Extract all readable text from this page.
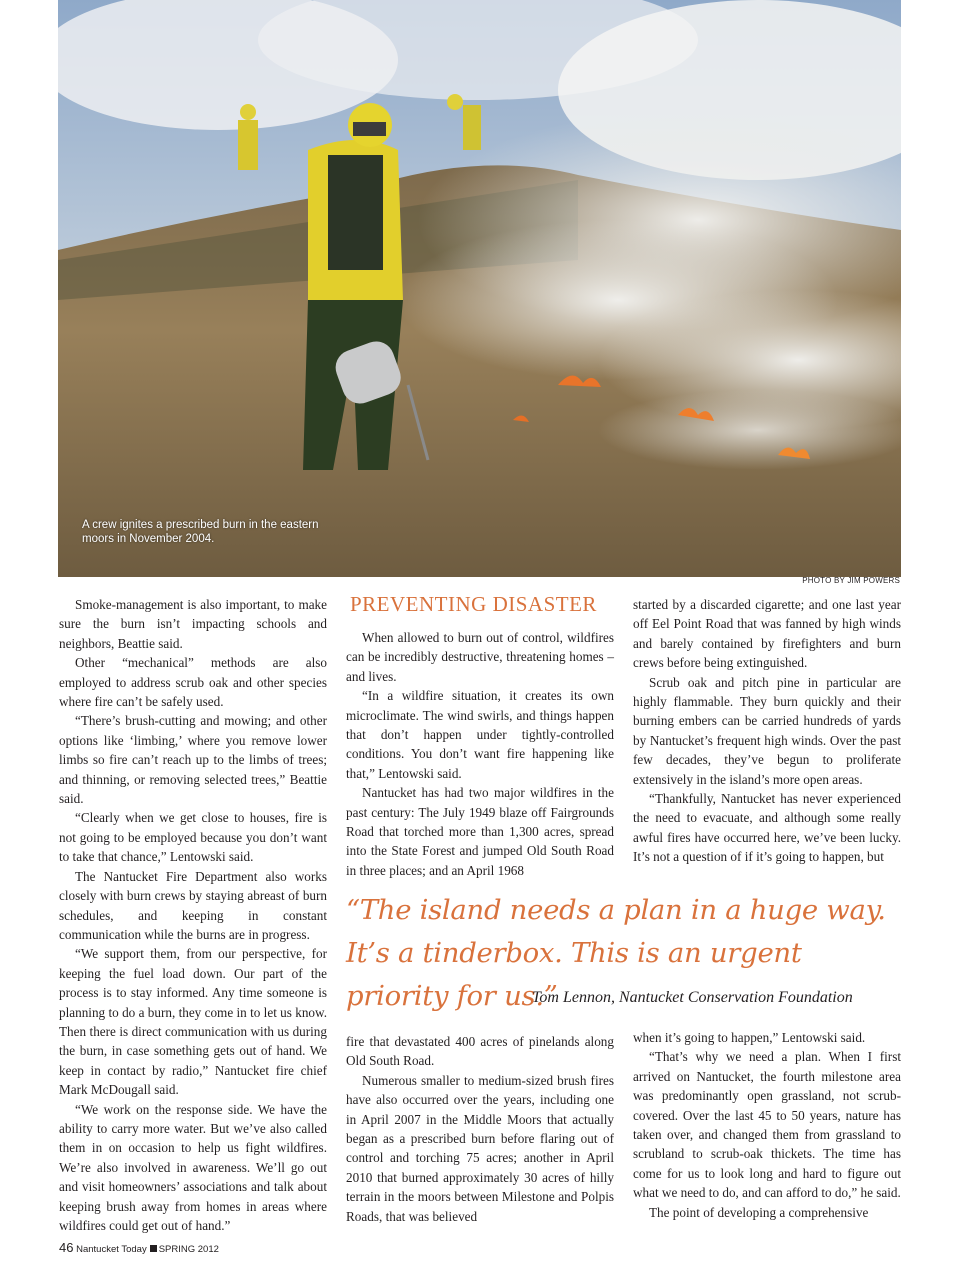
A crew ignites a prescribed burn in the eastern moors in November 2004.
PHOTO BY JIM POWERS

Smoke-management is also important, to make sure the burn isn’t impacting schools and neighbors, Beattie said.

Other “mechanical” methods are also employed to address scrub oak and other species where fire can’t be safely used.

“There’s brush-cutting and mowing; and other options like ‘limbing,’ where you remove lower limbs so fire can’t reach up to the limbs of trees; and thinning, or removing selected trees,” Beattie said.

“Clearly when we get close to houses, fire is not going to be employed because you don’t want to take that chance,” Lentowski said.

The Nantucket Fire Department also works closely with burn crews by staying abreast of burn schedules, and keeping in constant communication while the burns are in progress.

“We support them, from our perspective, for keeping the fuel load down. Our part of the process is to stay informed. Any time someone is planning to do a burn, they come in to let us know. Then there is direct communication with us during the burn, in case something gets out of hand. We keep in contact by radio,” Nantucket fire chief Mark McDougall said.

“We work on the response side. We have the ability to carry more water. But we’ve also called them in on occasion to help us fight wildfires. We’re also involved in awareness. We’ll go out and visit homeowners’ associations and talk about keeping brush away from homes in areas where wildfires could get out of hand.”

PREVENTING DISASTER

When allowed to burn out of control, wildfires can be incredibly destructive, threatening homes – and lives.

“In a wildfire situation, it creates its own microclimate. The wind swirls, and things happen that don’t happen under tightly-controlled conditions. You don’t want fire happening like that,” Lentowski said.

Nantucket has had two major wildfires in the past century: The July 1949 blaze off Fairgrounds Road that torched more than 1,300 acres, spread into the State Forest and jumped Old South Road in three places; and an April 1968

started by a discarded cigarette; and one last year off Eel Point Road that was fanned by high winds and barely contained by firefighters and burn crews before being extinguished.

Scrub oak and pitch pine in particular are highly flammable. They burn quickly and their burning embers can be carried hundreds of yards by Nantucket’s frequent high winds. Over the past few decades, they’ve begun to proliferate extensively in the island’s more open areas.

“Thankfully, Nantucket has never experienced the need to evacuate, and although some really awful fires have occurred here, we’ve been lucky. It’s not a question of if it’s going to happen, but

“The island needs a plan in a huge way. It’s a tinderbox. This is an urgent priority for us.”
Tom Lennon, Nantucket Conservation Foundation

fire that devastated 400 acres of pinelands along Old South Road.

Numerous smaller to medium-sized brush fires have also occurred over the years, including one in April 2007 in the Middle Moors that actually began as a prescribed burn before flaring out of control and torching 75 acres; another in April 2010 that burned approximately 30 acres of hilly terrain in the moors between Milestone and Polpis Roads, that was believed

when it’s going to happen,” Lentowski said.

“That’s why we need a plan. When I first arrived on Nantucket, the fourth milestone area was predominantly open grassland, not scrub-covered. Over the last 45 to 50 years, nature has taken over, and changed them from grassland to scrubland to scrub-oak thickets. The time has come for us to look long and hard to figure out what we need to do, and can afford to do,” he said.

The point of developing a comprehensive

46 Nantucket Today SPRING 2012
